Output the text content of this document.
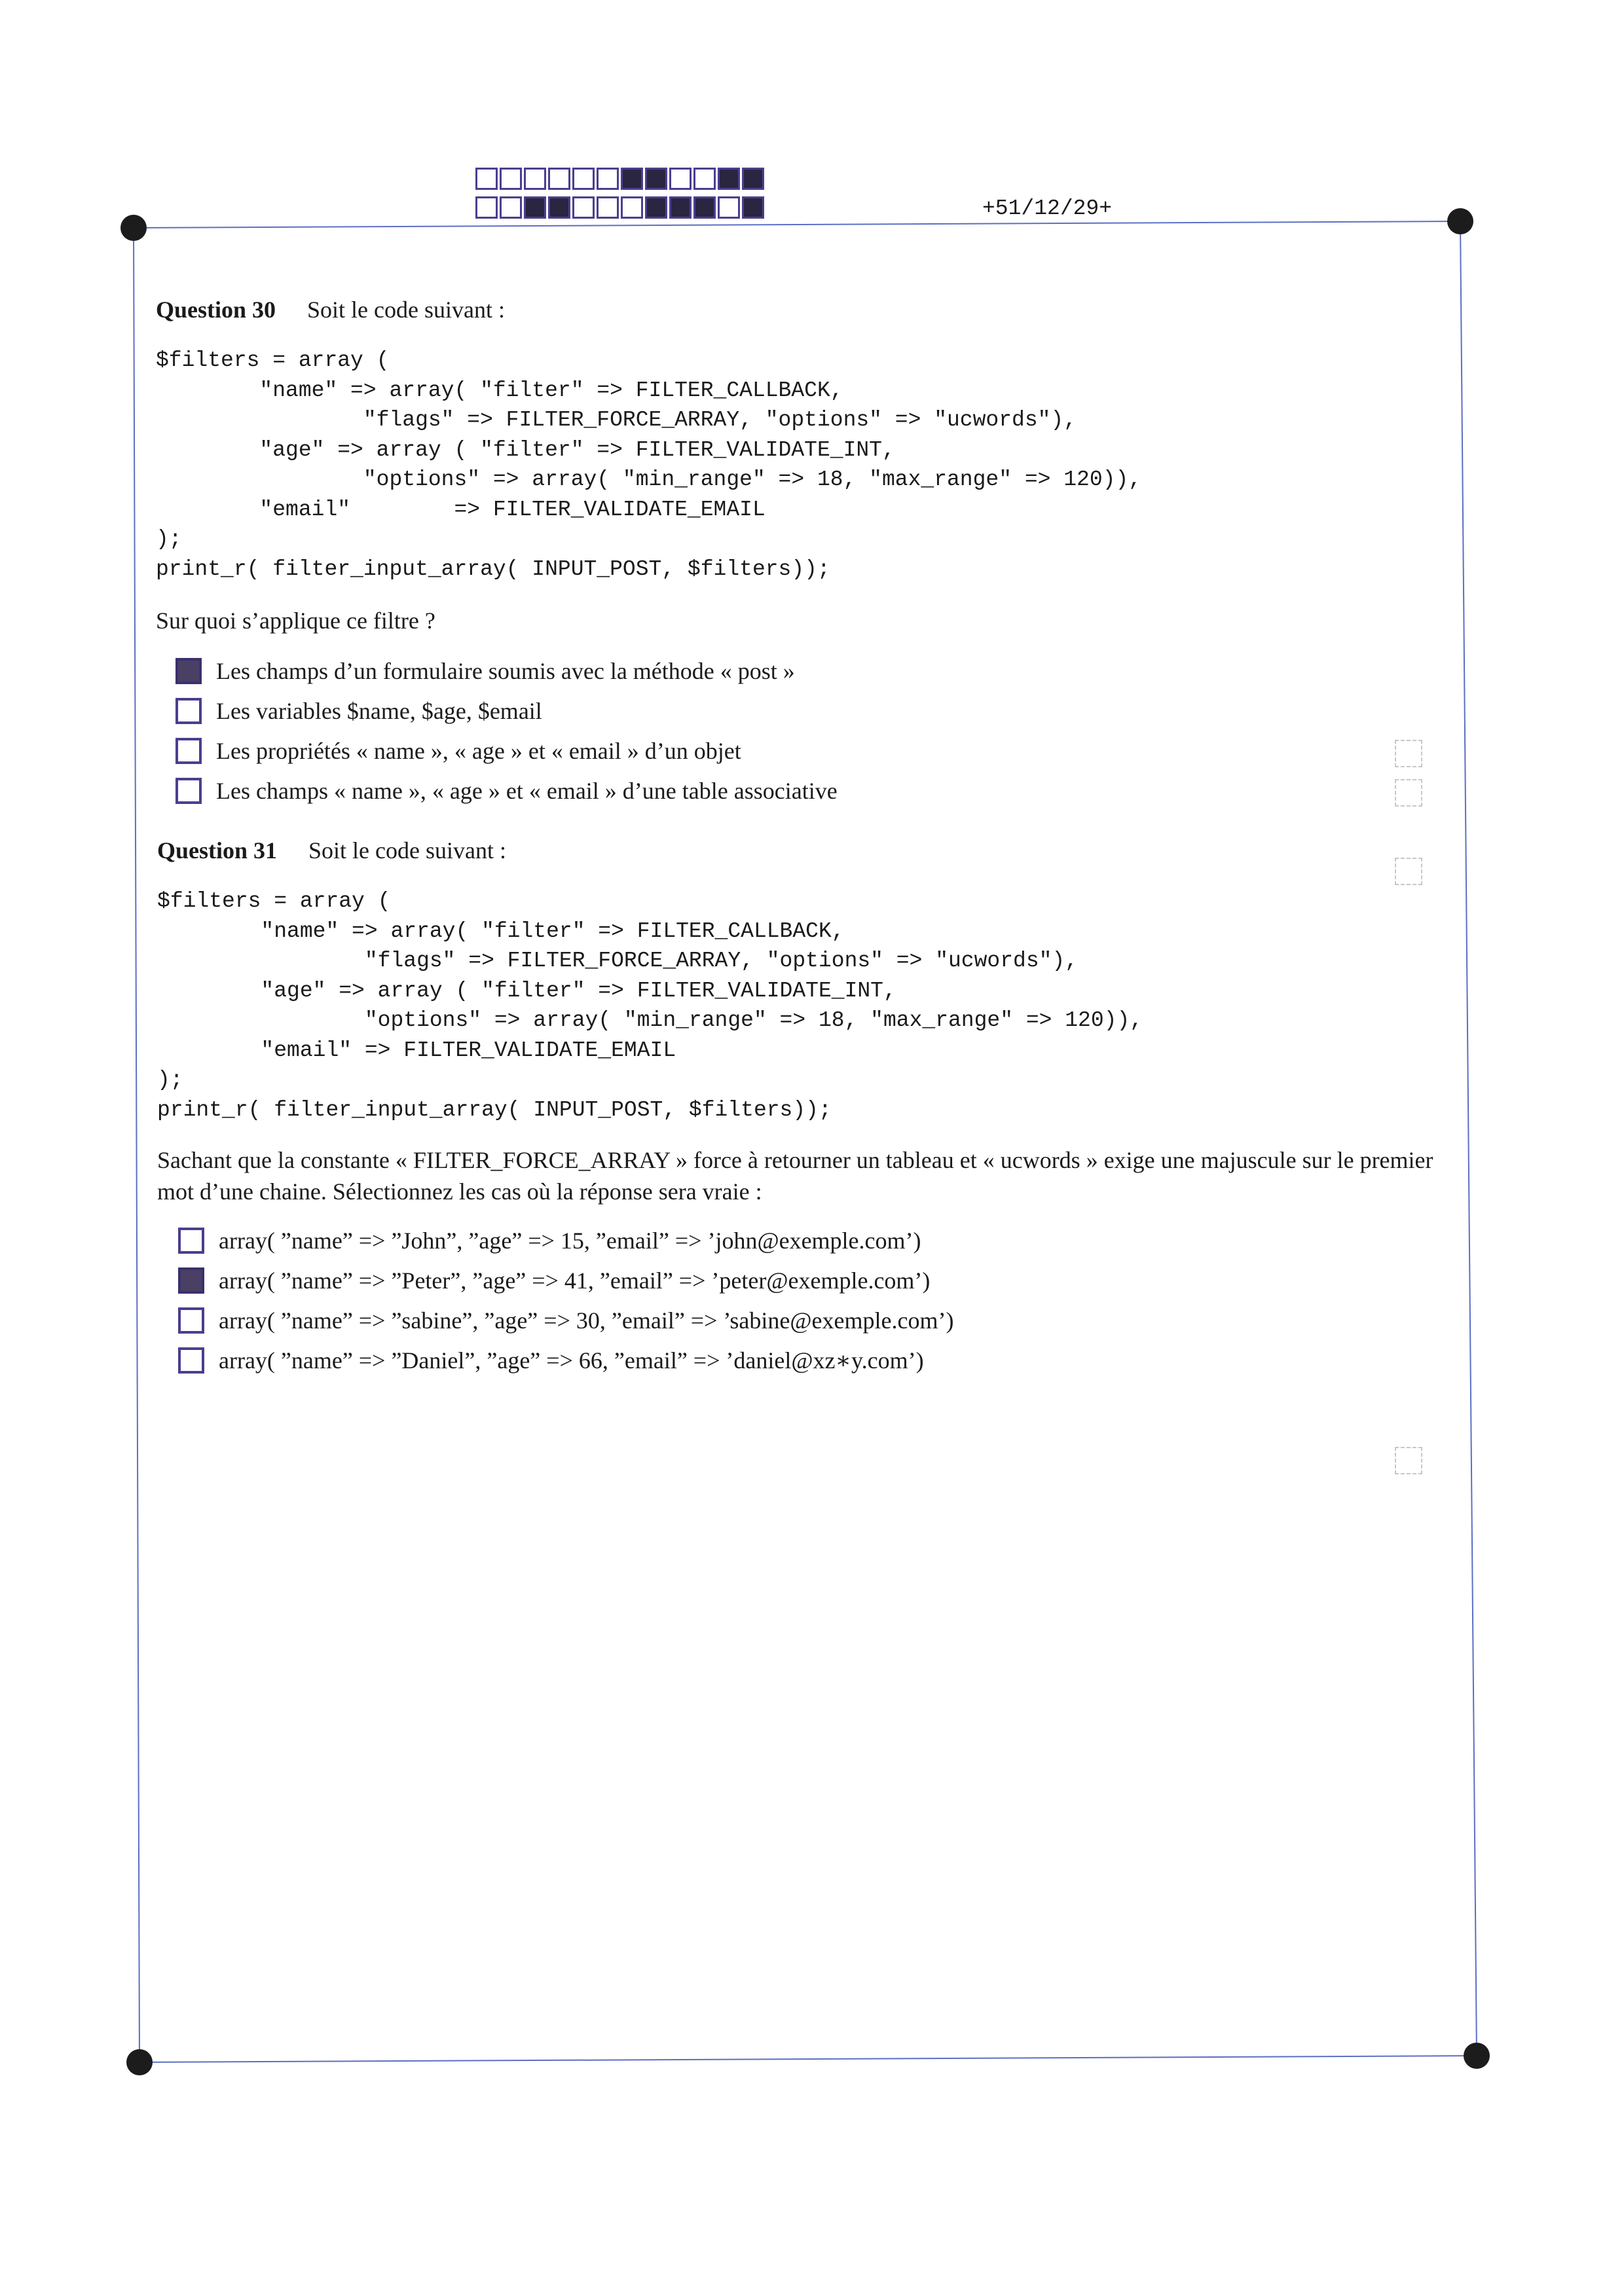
+51/12/29+
Question 30 Soit le code suivant :
$filters = array (
"name" => array( "filter" => FILTER_CALLBACK,
"flags" => FILTER_FORCE_ARRAY, "options" => "ucwords"),
"age" => array ( "filter" => FILTER_VALIDATE_INT,
"options" => array( "min_range" => 18, "max_range" => 120)),
"email"        => FILTER_VALIDATE_EMAIL
);
print_r( filter_input_array( INPUT_POST, $filters));
Sur quoi s’applique ce filtre ?
Les champs d’un formulaire soumis avec la méthode « post »
Les variables $name, $age, $email
Les propriétés « name », « age » et « email » d’un objet
Les champs « name », « age » et « email » d’une table associative
Question 31 Soit le code suivant :
$filters = array (
"name" => array( "filter" => FILTER_CALLBACK,
"flags" => FILTER_FORCE_ARRAY, "options" => "ucwords"),
"age" => array ( "filter" => FILTER_VALIDATE_INT,
"options" => array( "min_range" => 18, "max_range" => 120)),
"email" => FILTER_VALIDATE_EMAIL
);
print_r( filter_input_array( INPUT_POST, $filters));
Sachant que la constante « FILTER_FORCE_ARRAY » force à retourner un tableau et « ucwords » exige une majuscule sur le premier mot d’une chaine. Sélectionnez les cas où la réponse sera vraie :
array( ”name” => ”John”, ”age” => 15, ”email” => ’john@exemple.com’)
array( ”name” => ”Peter”, ”age” => 41, ”email” => ’peter@exemple.com’)
array( ”name” => ”sabine”, ”age” => 30, ”email” => ’sabine@exemple.com’)
array( ”name” => ”Daniel”, ”age” => 66, ”email” => ’daniel@xz∗y.com’)
